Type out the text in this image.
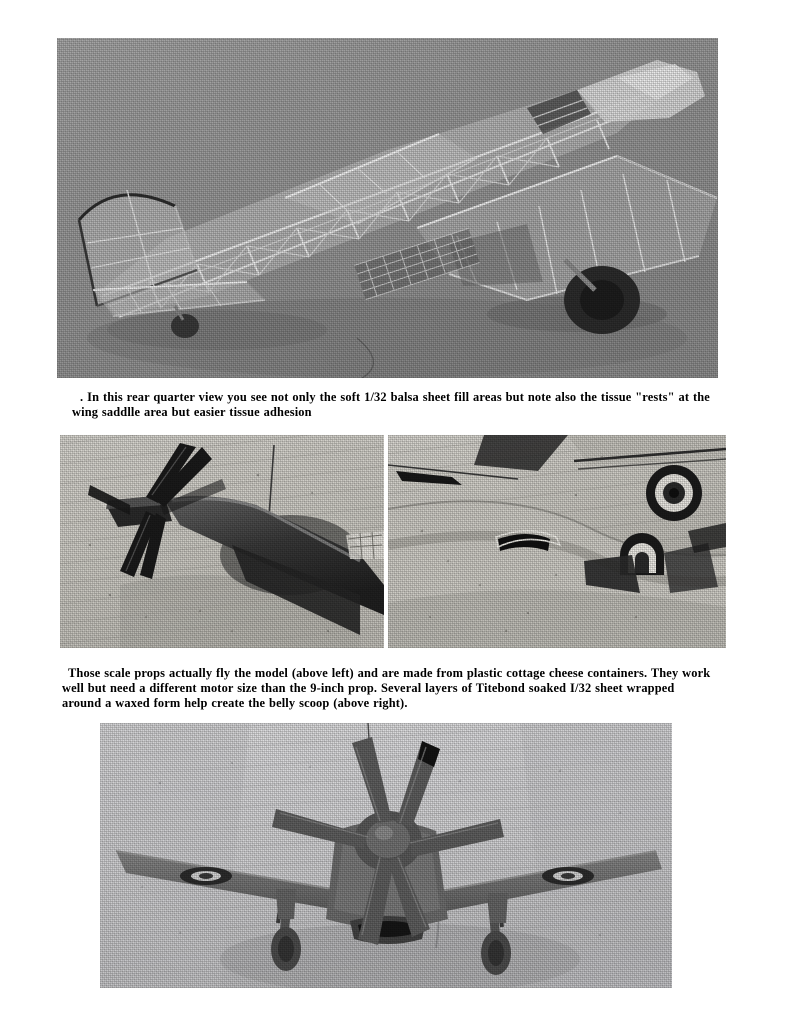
. In this rear quarter view you see not only the soft 1/32 balsa sheet fill areas but note also the tissue "rests" at the wing saddlle area but easier tissue adhesion
Those scale props actually fly the model (above left) and are made from plastic cottage cheese containers. They work well but need a different motor size than the 9-inch prop. Several layers of Titebond soaked I/32 sheet wrapped around a waxed form help create the belly scoop (above right).
